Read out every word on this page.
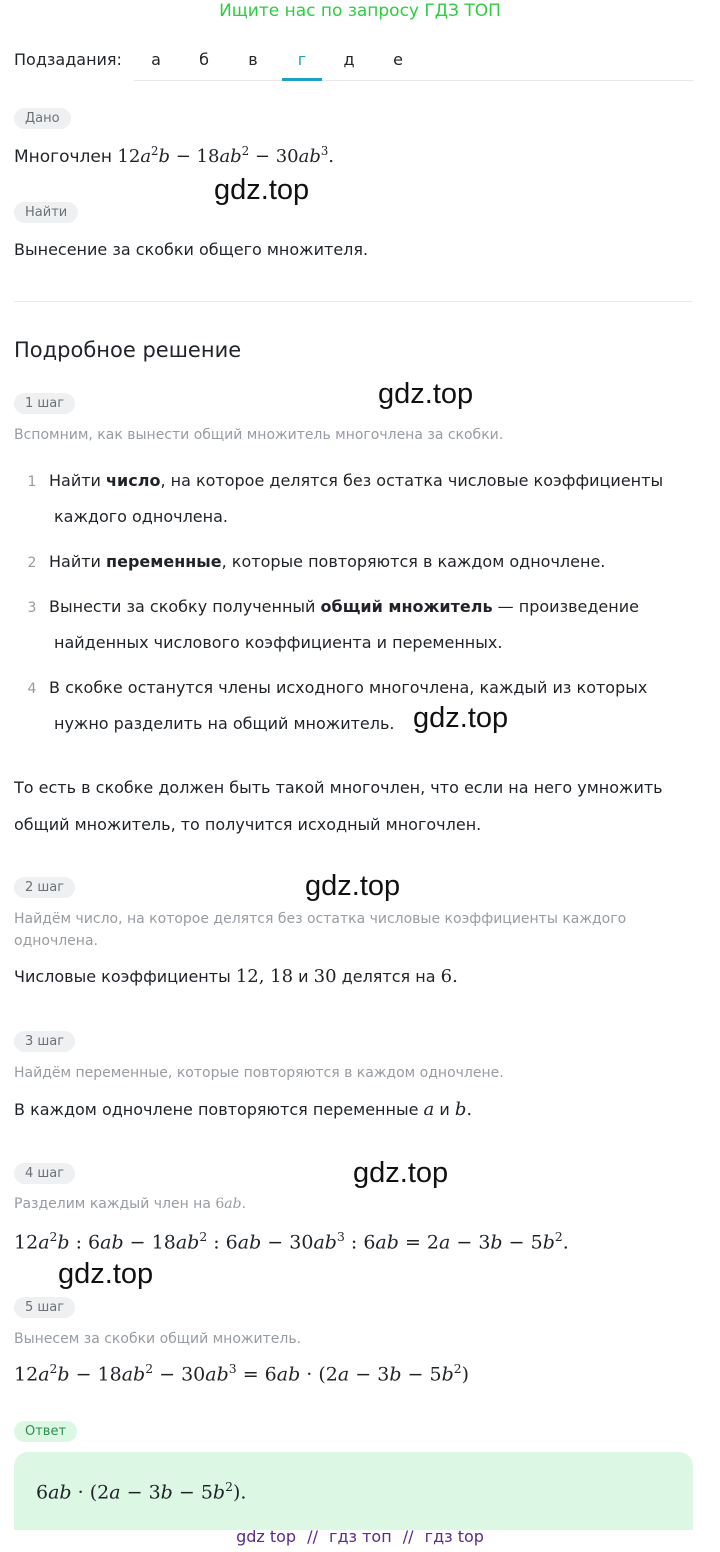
Ищите нас по запросу ГДЗ ТОП
Подзадания:	а	б	в	г	д	е
Дано
Многочлен $12a^2b - 18ab^2 - 30ab^3$.
gdz.top
Найти
Вынесение за скобки общего множителя.
Подробное решение
1 шаг	gdz.top
Вспомним, как вынести общий множитель многочлена за скобки.
1 Найти число, на которое делятся без остатка числовые коэффициенты
каждого одночлена.
2 Найти переменные, которые повторяются в каждом одночлене.
3 Вынести за скобку полученный общий множитель — произведение
найденных числового коэффициента и переменных.
4 В скобке останутся члены исходного многочлена, каждый из которых
нужно разделить на общий множитель. gdz.top
То есть в скобке должен быть такой многочлен, что если на него умножить
общий множитель, то получится исходный многочлен.
2 шаг	gdz.top
Найдём число, на которое делятся без остатка числовые коэффициенты каждого
одночлена.
Числовые коэффициенты 12, 18 и 30 делятся на 6.
3 шаг
Найдём переменные, которые повторяются в каждом одночлене.
В каждом одночлене повторяются переменные a и b.
4 шаг	gdz.top
Разделим каждый член на 6ab.
$12a^2b$ : $6ab - 18ab^2$ : $6ab - 30ab^3$ : $6ab = 2a - 3b - 5b^2$.
gdz.top
5 шаг
Вынесем за скобки общий множитель.
$12a^2b - 18ab^2 - 30ab^3 = 6ab \cdot (2a - 3b - 5b^2)$
Ответ
$6ab \cdot (2a - 3b - 5b^2)$.
gdz top // гдз топ // гдз top
